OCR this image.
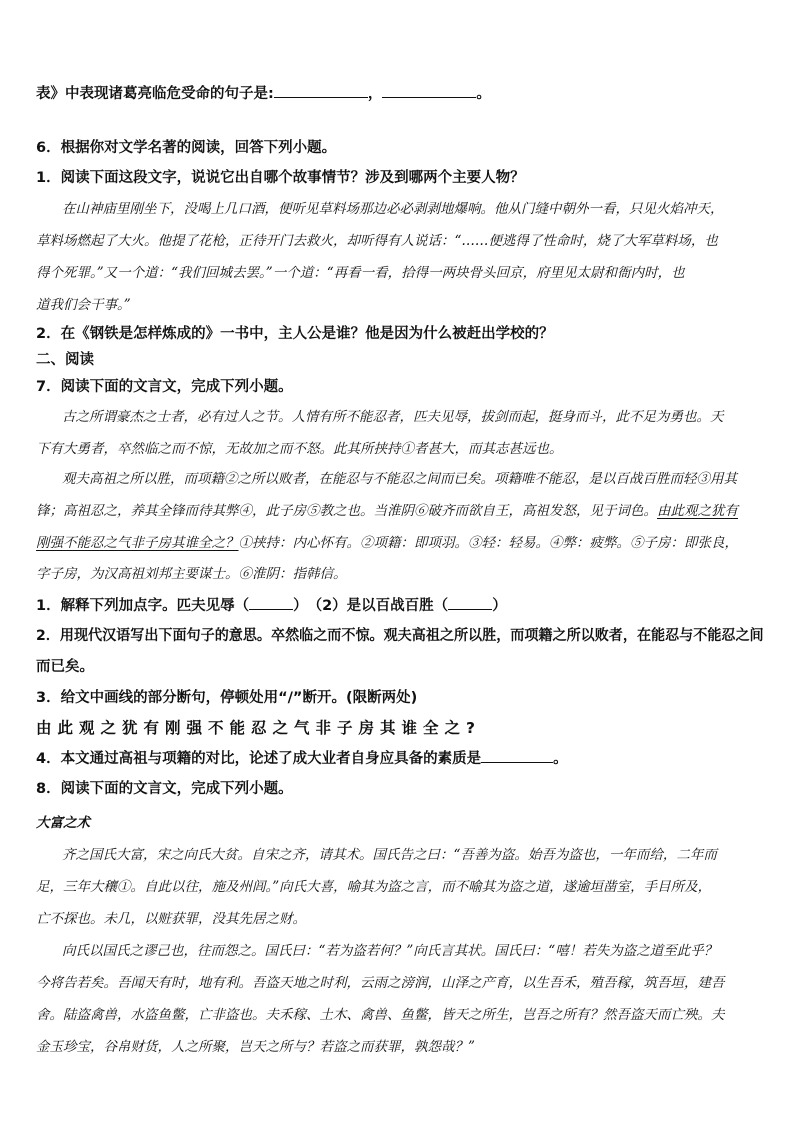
表》中表现诸葛亮临危受命的句子是:	，	。
6．根据你对文学名著的阅读，回答下列小题。
1．阅读下面这段文字，说说它出自哪个故事情节？涉及到哪两个主要人物？
在山神庙里刚坐下，没喝上几口酒，便听见草料场那边必必剥剥地爆响。他从门缝中朝外一看，只见火焰冲天，
草料场燃起了大火。他提了花枪，正待开门去救火，却听得有人说话：“……便逃得了性命时，烧了大军草料场，也
得个死罪。”又一个道：“我们回城去罢。”一个道：“再看一看，拾得一两块骨头回京，府里见太尉和衙内时，也
道我们会干事。”
2．在《钢铁是怎样炼成的》一书中，主人公是谁？他是因为什么被赶出学校的？
二、阅读
7．阅读下面的文言文，完成下列小题。
古之所谓豪杰之士者，必有过人之节。人情有所不能忍者，匹夫见辱，拔剑而起，挺身而斗，此不足为勇也。天
下有大勇者，卒然临之而不惊，无故加之而不怒。此其所挟持①者甚大，而其志甚远也。
观夫高祖之所以胜，而项籍②之所以败者，在能忍与不能忍之间而已矣。项籍唯不能忍，是以百战百胜而轻③用其
锋；高祖忍之，养其全锋而待其弊④，此子房⑤教之也。当淮阴⑥破齐而欲自王，高祖发怒，见于词色。由此观之犹有
刚强不能忍之气非子房其谁全之？①挟持：内心怀有。②项籍：即项羽。③轻：轻易。④弊：疲弊。⑤子房：即张良，
字子房，为汉高祖刘邦主要谋士。⑥淮阴：指韩信。
1．解释下列加点字。匹夫见辱（	）　（2）是以百战百胜（	）
2．用现代汉语写出下面句子的意思。卒然临之而不惊。观夫高祖之所以胜，而项籍之所以败者，在能忍与不能忍之间
而已矣。
3．给文中画线的部分断句，停顿处用“/”断开。(限断两处)
由此观之犹有刚强不能忍之气非子房其谁全之?
4．本文通过高祖与项籍的对比，论述了成大业者自身应具备的素质是	。
8．阅读下面的文言文，完成下列小题。
大富之术
齐之国氏大富，宋之向氏大贫。自宋之齐，请其术。国氏告之曰：“吾善为盗。始吾为盗也，一年而给，二年而
足，三年大穰①。自此以往，施及州闾。”向氏大喜，喻其为盗之言，而不喻其为盗之道，遂逾垣凿室，手目所及，
亡不探也。未几，以赃获罪，没其先居之财。
向氏以国氏之谬己也，往而怨之。国氏曰：“若为盗若何？”向氏言其状。国氏曰：“嘻！若失为盗之道至此乎？
今将告若矣。吾闻天有时，地有利。吾盗天地之时利，云雨之滂润，山泽之产育，以生吾禾，殖吾稼，筑吾垣，建吾
舍。陆盗禽兽，水盗鱼鳖，亡非盗也。夫禾稼、土木、禽兽、鱼鳖，皆天之所生，岂吾之所有？然吾盗天而亡殃。夫
金玉珍宝，谷帛财货，人之所聚，岂天之所与？若盗之而获罪，孰怨哉？”
